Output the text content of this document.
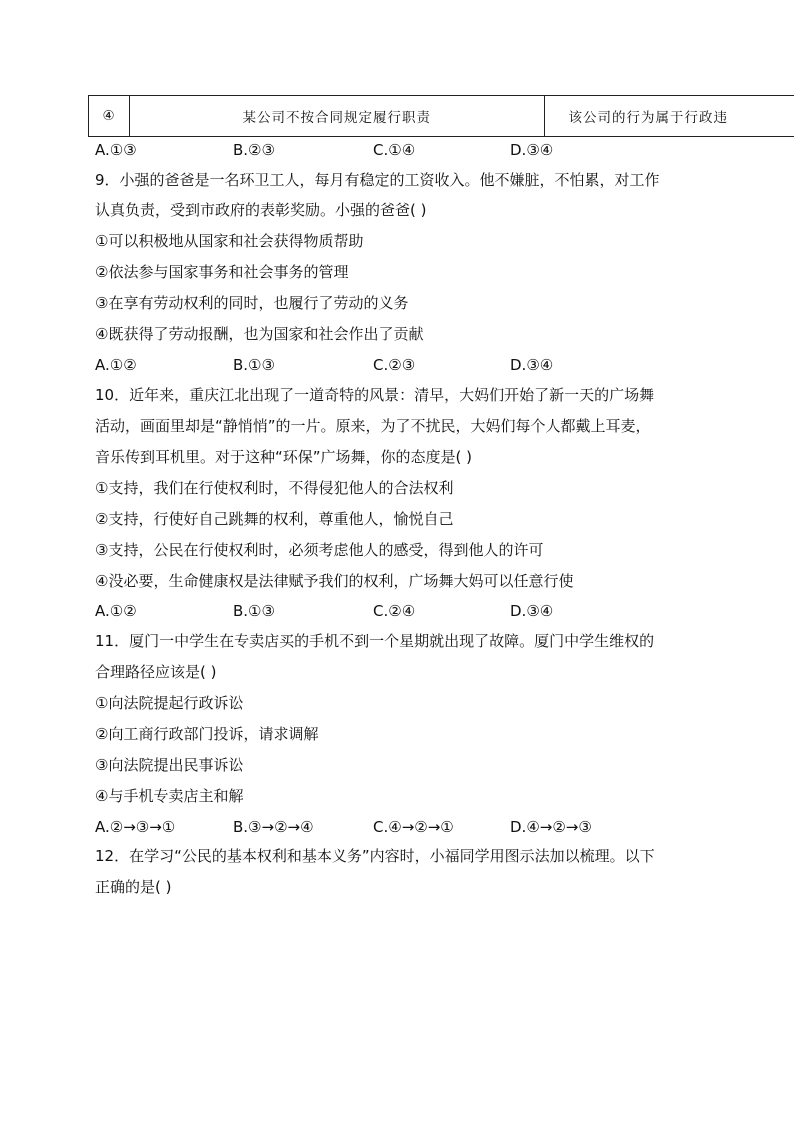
④	某公司不按合同规定履行职责	该公司的行为属于行政违
A.①③	B.②③	C.①④	D.③④
9．小强的爸爸是一名环卫工人，每月有稳定的工资收入。他不嫌脏，不怕累，对工作
认真负责，受到市政府的表彰奖励。小强的爸爸( )
①可以积极地从国家和社会获得物质帮助
②依法参与国家事务和社会事务的管理
③在享有劳动权利的同时，也履行了劳动的义务
④既获得了劳动报酬，也为国家和社会作出了贡献
A.①②	B.①③	C.②③	D.③④
10．近年来，重庆江北出现了一道奇特的风景：清早，大妈们开始了新一天的广场舞
活动，画面里却是“静悄悄”的一片。原来，为了不扰民，大妈们每个人都戴上耳麦，
音乐传到耳机里。对于这种“环保”广场舞，你的态度是( )
①支持，我们在行使权利时，不得侵犯他人的合法权利
②支持，行使好自己跳舞的权利，尊重他人，愉悦自己
③支持，公民在行使权利时，必须考虑他人的感受，得到他人的许可
④没必要，生命健康权是法律赋予我们的权利，广场舞大妈可以任意行使
A.①②	B.①③	C.②④	D.③④
11．厦门一中学生在专卖店买的手机不到一个星期就出现了故障。厦门中学生维权的
合理路径应该是( )
①向法院提起行政诉讼
②向工商行政部门投诉，请求调解
③向法院提出民事诉讼
④与手机专卖店主和解
A.②→③→①	B.③→②→④	C.④→②→①	D.④→②→③
12．在学习“公民的基本权利和基本义务”内容时，小福同学用图示法加以梳理。以下
正确的是( )
